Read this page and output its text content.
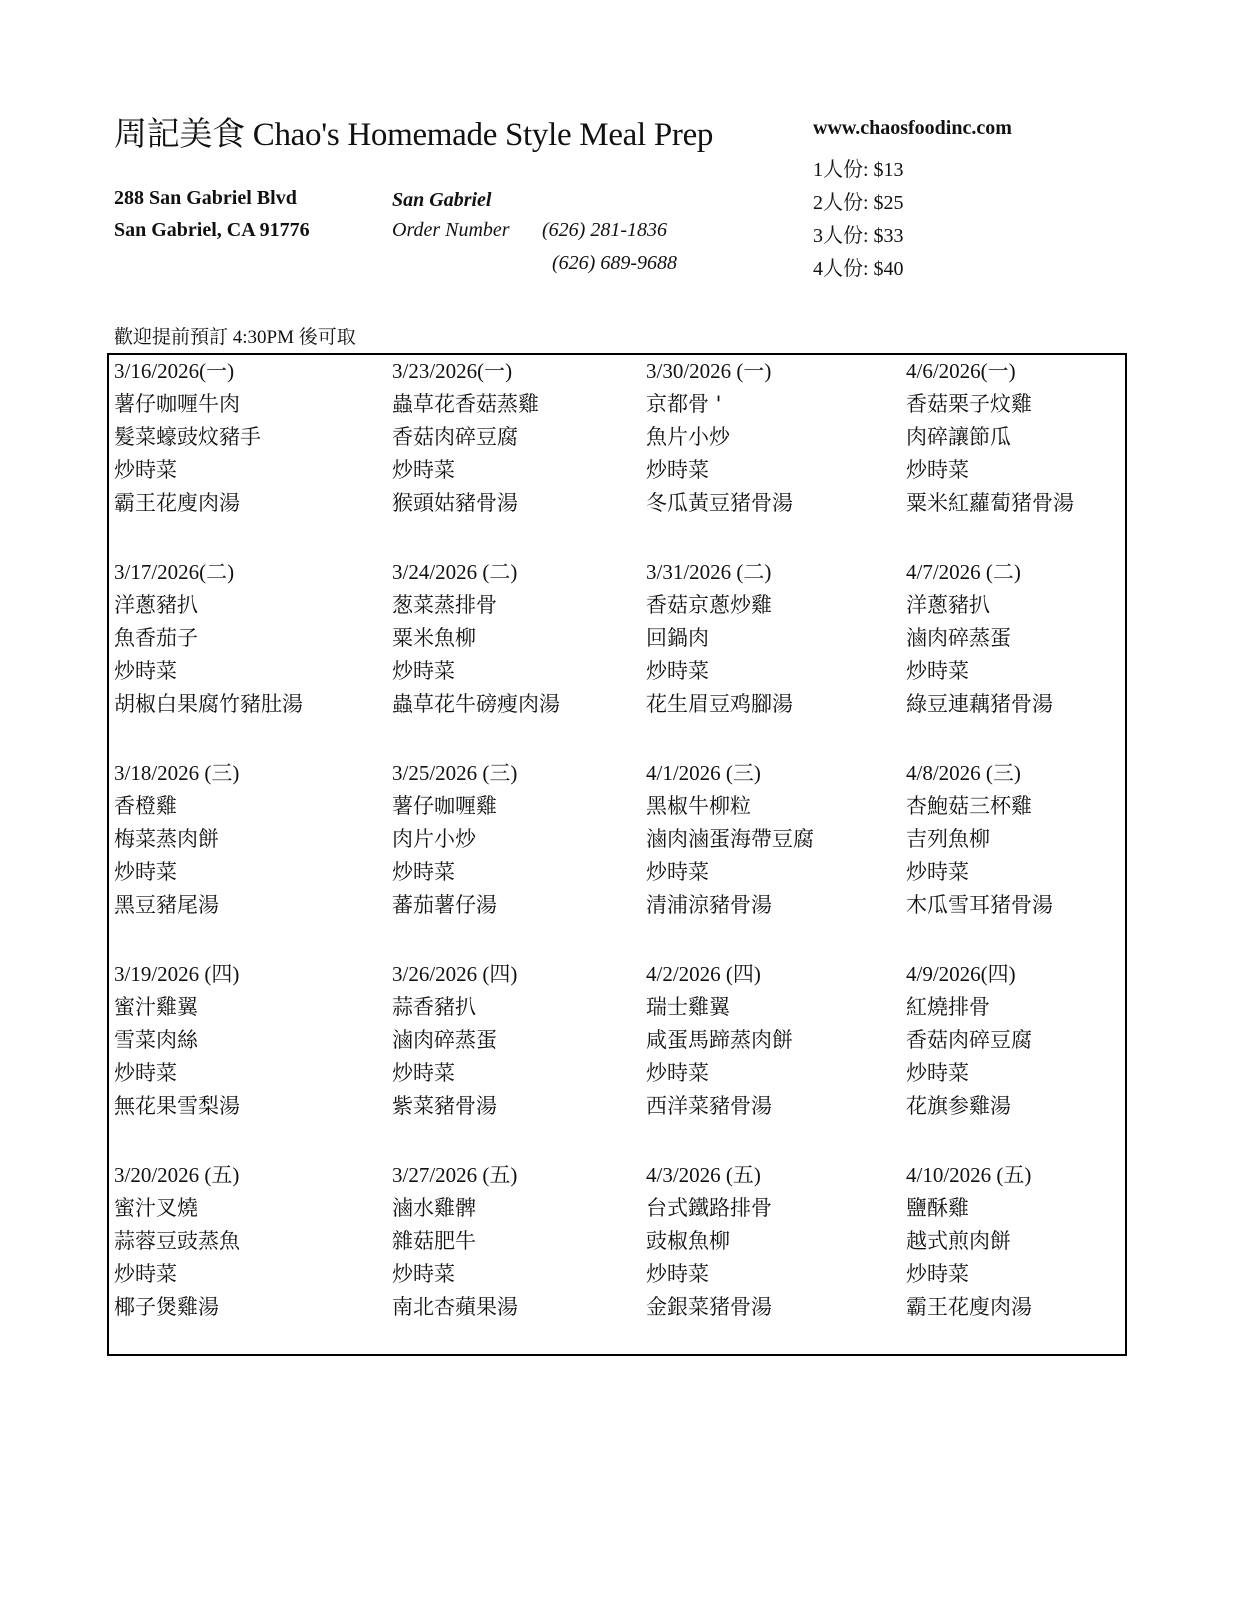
周記美食 Chao's Homemade Style Meal Prep	www.chaosfoodinc.com
1人份: $13
2人份: $25
3人份: $33
4人份: $40
288 San Gabriel Blvd
San Gabriel, CA 91776
San Gabriel
Order Number (626) 281-1836
(626) 689-9688
歡迎提前預訂 4:30PM 後可取
3/16/2026(一)
薯仔咖喱牛肉
髮菜蠔豉炆豬手
炒時菜
霸王花廋肉湯
3/17/2026(二)
洋蔥豬扒
魚香茄子
炒時菜
胡椒白果腐竹豬肚湯
3/18/2026 (三)
香橙雞
梅菜蒸肉餅
炒時菜
黑豆豬尾湯
3/19/2026 (四)
蜜汁雞翼
雪菜肉絲
炒時菜
無花果雪梨湯
3/20/2026 (五)
蜜汁叉燒
蒜蓉豆豉蒸魚
炒時菜
椰子煲雞湯
3/23/2026(一)
蟲草花香菇蒸雞
香菇肉碎豆腐
炒時菜
猴頭姑豬骨湯
3/24/2026 (二)
葱菜蒸排骨
粟米魚柳
炒時菜
蟲草花牛磅瘦肉湯
3/25/2026 (三)
薯仔咖喱雞
肉片小炒
炒時菜
蕃茄薯仔湯
3/26/2026 (四)
蒜香豬扒
滷肉碎蒸蛋
炒時菜
紫菜豬骨湯
3/27/2026 (五)
滷水雞髀
雜菇肥牛
炒時菜
南北杏蘋果湯
3/30/2026 (一)
京都骨 '
魚片小炒
炒時菜
冬瓜黃豆猪骨湯
3/31/2026 (二)
香菇京蔥炒雞
回鍋肉
炒時菜
花生眉豆鸡腳湯
4/1/2026 (三)
黑椒牛柳粒
滷肉滷蛋海帶豆腐
炒時菜
清浦涼豬骨湯
4/2/2026 (四)
瑞士雞翼
咸蛋馬蹄蒸肉餅
炒時菜
西洋菜豬骨湯
4/3/2026 (五)
台式鐵路排骨
豉椒魚柳
炒時菜
金銀菜猪骨湯
4/6/2026(一)
香菇栗子炆雞
肉碎讓節瓜
炒時菜
粟米紅蘿蔔猪骨湯
4/7/2026 (二)
洋蔥豬扒
滷肉碎蒸蛋
炒時菜
綠豆連藕猪骨湯
4/8/2026 (三)
杏鮑菇三杯雞
吉列魚柳
炒時菜
木瓜雪耳猪骨湯
4/9/2026(四)
紅燒排骨
香菇肉碎豆腐
炒時菜
花旗参雞湯
4/10/2026 (五)
鹽酥雞
越式煎肉餅
炒時菜
霸王花廋肉湯
